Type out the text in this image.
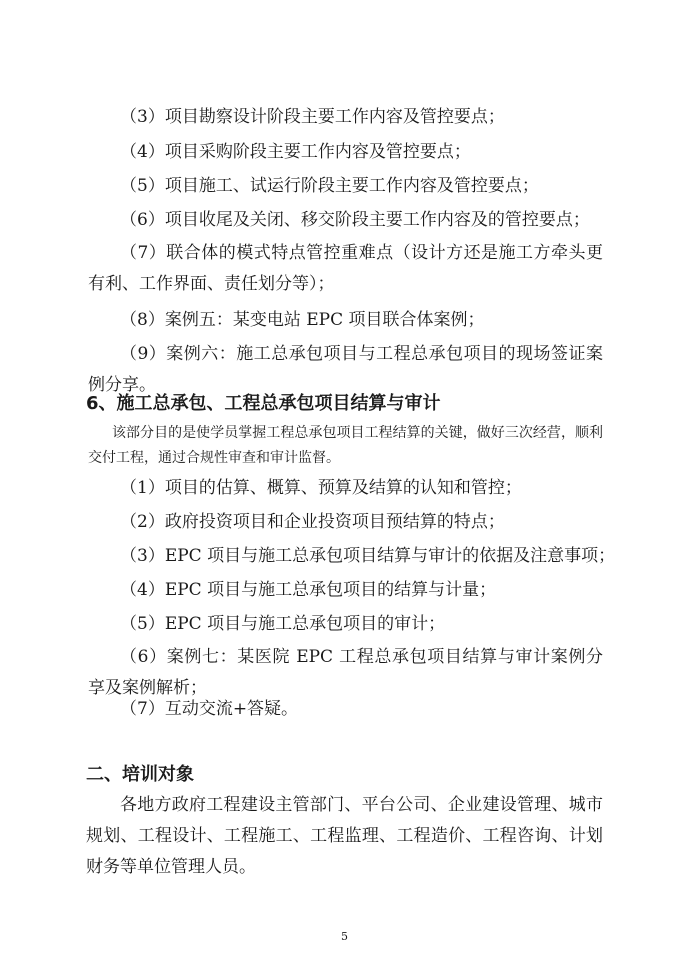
（3）项目勘察设计阶段主要工作内容及管控要点；
（4）项目采购阶段主要工作内容及管控要点；
（5）项目施工、试运行阶段主要工作内容及管控要点；
（6）项目收尾及关闭、移交阶段主要工作内容及的管控要点；
（7）联合体的模式特点管控重难点（设计方还是施工方牵头更有利、工作界面、责任划分等）；
（8）案例五：某变电站 EPC 项目联合体案例；
（9）案例六：施工总承包项目与工程总承包项目的现场签证案例分享。
6、施工总承包、工程总承包项目结算与审计
该部分目的是使学员掌握工程总承包项目工程结算的关键，做好三次经营，顺利交付工程，通过合规性审查和审计监督。
（1）项目的估算、概算、预算及结算的认知和管控；
（2）政府投资项目和企业投资项目预结算的特点；
（3）EPC 项目与施工总承包项目结算与审计的依据及注意事项；
（4）EPC 项目与施工总承包项目的结算与计量；
（5）EPC 项目与施工总承包项目的审计；
（6）案例七：某医院 EPC 工程总承包项目结算与审计案例分享及案例解析；
（7）互动交流+答疑。
二、培训对象
各地方政府工程建设主管部门、平台公司、企业建设管理、城市规划、工程设计、工程施工、工程监理、工程造价、工程咨询、计划财务等单位管理人员。
5
